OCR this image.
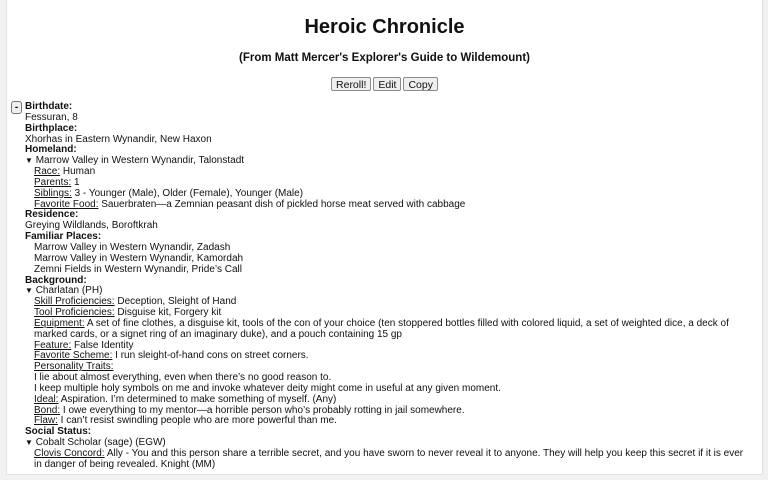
Heroic Chronicle
(From Matt Mercer's Explorer's Guide to Wildemount)
Reroll! Edit Copy
- Birthdate:
Fessuran, 8
Birthplace:
Xhorhas in Eastern Wynandir, New Haxon
Homeland:
▼ Marrow Valley in Western Wynandir, Talonstadt
Race: Human
Parents: 1
Siblings: 3 - Younger (Male), Older (Female), Younger (Male)
Favorite Food: Sauerbraten—a Zemnian peasant dish of pickled horse meat served with cabbage
Residence:
Greying Wildlands, Boroftkrah
Familiar Places:
Marrow Valley in Western Wynandir, Zadash
Marrow Valley in Western Wynandir, Kamordah
Zemni Fields in Western Wynandir, Pride’s Call
Background:
▼ Charlatan (PH)
Skill Proficiencies: Deception, Sleight of Hand
Tool Proficiencies: Disguise kit, Forgery kit
Equipment: A set of fine clothes, a disguise kit, tools of the con of your choice (ten stoppered bottles filled with colored liquid, a set of weighted dice, a deck of marked cards, or a signet ring of an imaginary duke), and a pouch containing 15 gp
Feature: False Identity
Favorite Scheme: I run sleight-of-hand cons on street corners.
Personality Traits:
I lie about almost everything, even when there’s no good reason to.
I keep multiple holy symbols on me and invoke whatever deity might come in useful at any given moment.
Ideal: Aspiration. I’m determined to make something of myself. (Any)
Bond: I owe everything to my mentor—a horrible person who’s probably rotting in jail somewhere.
Flaw: I can’t resist swindling people who are more powerful than me.
Social Status:
▼ Cobalt Scholar (sage) (EGW)
Clovis Concord: Ally - You and this person share a terrible secret, and you have sworn to never reveal it to anyone. They will help you keep this secret if it is ever in danger of being revealed. Knight (MM)
